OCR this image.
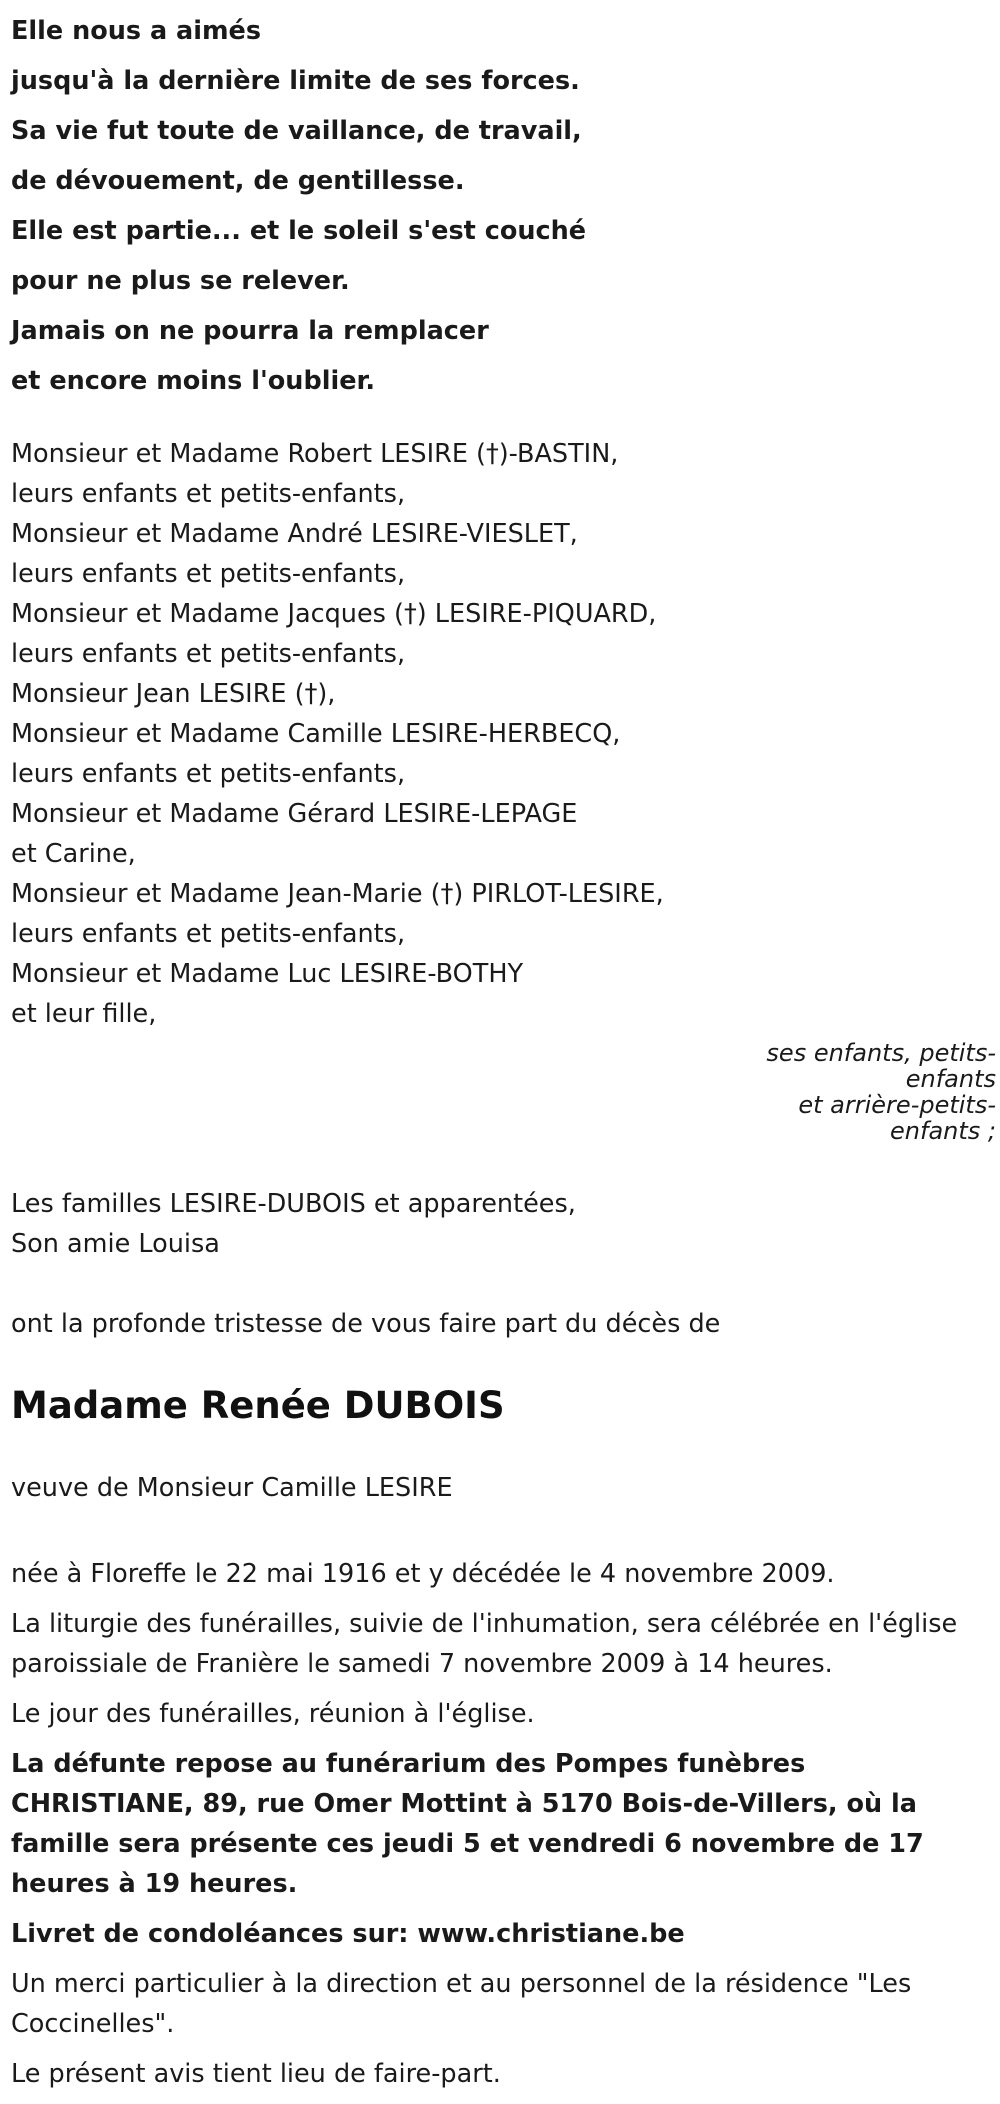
Elle nous a aimés
jusqu'à la dernière limite de ses forces.
Sa vie fut toute de vaillance, de travail,
de dévouement, de gentillesse.
Elle est partie... et le soleil s'est couché
pour ne plus se relever.
Jamais on ne pourra la remplacer
et encore moins l'oublier.
Monsieur et Madame Robert LESIRE (†)-BASTIN,
leurs enfants et petits-enfants,
Monsieur et Madame André LESIRE-VIESLET,
leurs enfants et petits-enfants,
Monsieur et Madame Jacques (†) LESIRE-PIQUARD,
leurs enfants et petits-enfants,
Monsieur Jean LESIRE (†),
Monsieur et Madame Camille LESIRE-HERBECQ,
leurs enfants et petits-enfants,
Monsieur et Madame Gérard LESIRE-LEPAGE
et Carine,
Monsieur et Madame Jean-Marie (†) PIRLOT-LESIRE,
leurs enfants et petits-enfants,
Monsieur et Madame Luc LESIRE-BOTHY
et leur fille,
ses enfants, petits-
enfants
et arrière-petits-
enfants ;
Les familles LESIRE-DUBOIS et apparentées,
Son amie Louisa
ont la profonde tristesse de vous faire part du décès de
Madame Renée DUBOIS
veuve de Monsieur Camille LESIRE
née à Floreffe le 22 mai 1916 et y décédée le 4 novembre 2009.
La liturgie des funérailles, suivie de l'inhumation, sera célébrée en l'église paroissiale de Franière le samedi 7 novembre 2009 à 14 heures.
Le jour des funérailles, réunion à l'église.
La défunte repose au funérarium des Pompes funèbres CHRISTIANE, 89, rue Omer Mottint à 5170 Bois-de-Villers, où la famille sera présente ces jeudi 5 et vendredi 6 novembre de 17 heures à 19 heures.
Livret de condoléances sur: www.christiane.be
Un merci particulier à la direction et au personnel de la résidence "Les Coccinelles".
Le présent avis tient lieu de faire-part.
